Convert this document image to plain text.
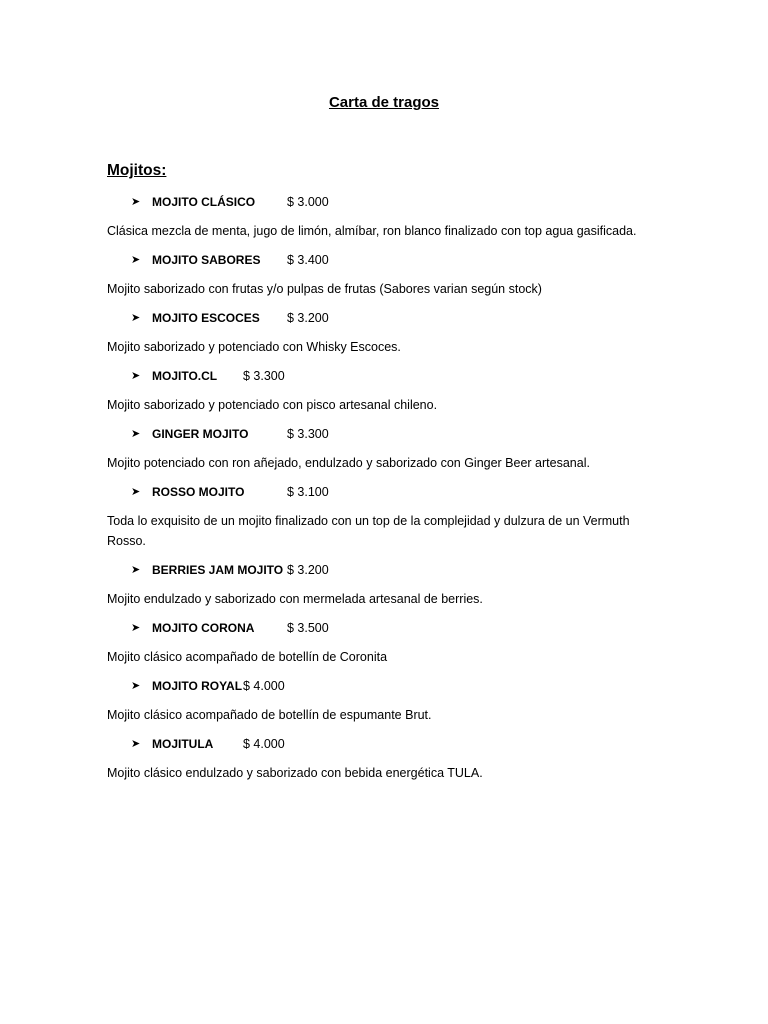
Carta de tragos
Mojitos:
➤ MOJITO CLÁSICO	$ 3.000
Clásica mezcla de menta, jugo de limón, almíbar, ron blanco finalizado con top agua gasificada.
➤ MOJITO SABORES $ 3.400
Mojito saborizado con frutas y/o pulpas de frutas (Sabores varian según stock)
➤ MOJITO ESCOCES $ 3.200
Mojito saborizado y potenciado con Whisky Escoces.
➤ MOJITO.CL $ 3.300
Mojito saborizado y potenciado con pisco artesanal chileno.
➤ GINGER MOJITO	$ 3.300
Mojito potenciado con ron añejado, endulzado y saborizado con Ginger Beer artesanal.
➤ ROSSO MOJITO	$ 3.100
Toda lo exquisito de un mojito finalizado con un top de la complejidad y dulzura de un Vermuth Rosso.
➤ BERRIES JAM MOJITO $ 3.200
Mojito endulzado y saborizado con mermelada artesanal de berries.
➤ MOJITO CORONA	$ 3.500
Mojito clásico acompañado de botellín de Coronita
➤ MOJITO ROYAL $ 4.000
Mojito clásico acompañado de botellín de espumante Brut.
➤ MOJITULA $ 4.000
Mojito clásico endulzado y saborizado con bebida energética TULA.
